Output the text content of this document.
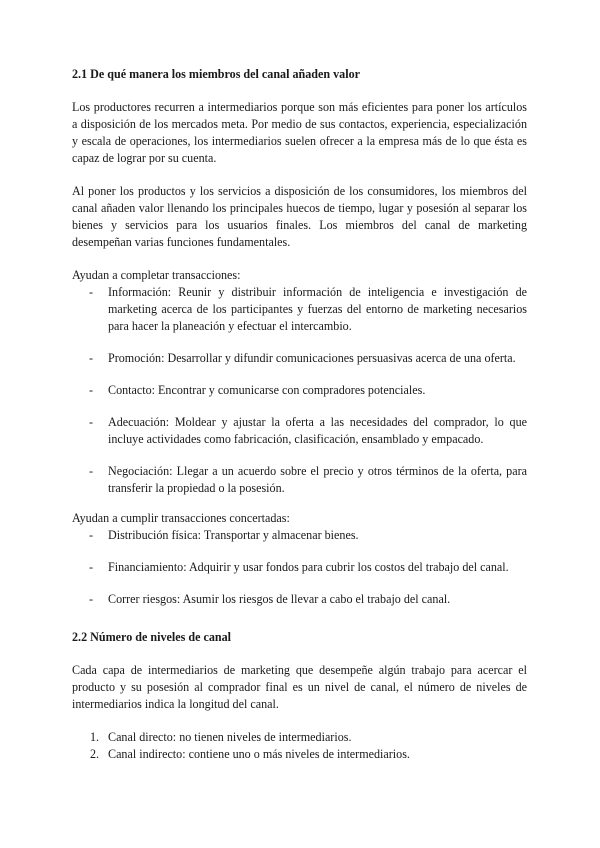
2.1 De qué manera los miembros del canal añaden valor

Los productores recurren a intermediarios porque son más eficientes para poner los artículos a disposición de los mercados meta. Por medio de sus contactos, experiencia, especialización y escala de operaciones, los intermediarios suelen ofrecer a la empresa más de lo que ésta es capaz de lograr por su cuenta.

Al poner los productos y los servicios a disposición de los consumidores, los miembros del canal añaden valor llenando los principales huecos de tiempo, lugar y posesión al separar los bienes y servicios para los usuarios finales. Los miembros del canal de marketing desempeñan varias funciones fundamentales.

Ayudan a completar transacciones:

- Información: Reunir y distribuir información de inteligencia e investigación de marketing acerca de los participantes y fuerzas del entorno de marketing necesarios para hacer la planeación y efectuar el intercambio.
- Promoción: Desarrollar y difundir comunicaciones persuasivas acerca de una oferta.
- Contacto: Encontrar y comunicarse con compradores potenciales.
- Adecuación: Moldear y ajustar la oferta a las necesidades del comprador, lo que incluye actividades como fabricación, clasificación, ensamblado y empacado.
- Negociación: Llegar a un acuerdo sobre el precio y otros términos de la oferta, para transferir la propiedad o la posesión.

Ayudan a cumplir transacciones concertadas:

- Distribución física: Transportar y almacenar bienes.
- Financiamiento: Adquirir y usar fondos para cubrir los costos del trabajo del canal.
- Correr riesgos: Asumir los riesgos de llevar a cabo el trabajo del canal.
2.2 Número de niveles de canal

Cada capa de intermediarios de marketing que desempeñe algún trabajo para acercar el producto y su posesión al comprador final es un nivel de canal, el número de niveles de intermediarios indica la longitud del canal.

1. Canal directo: no tienen niveles de intermediarios.
2. Canal indirecto: contiene uno o más niveles de intermediarios.
